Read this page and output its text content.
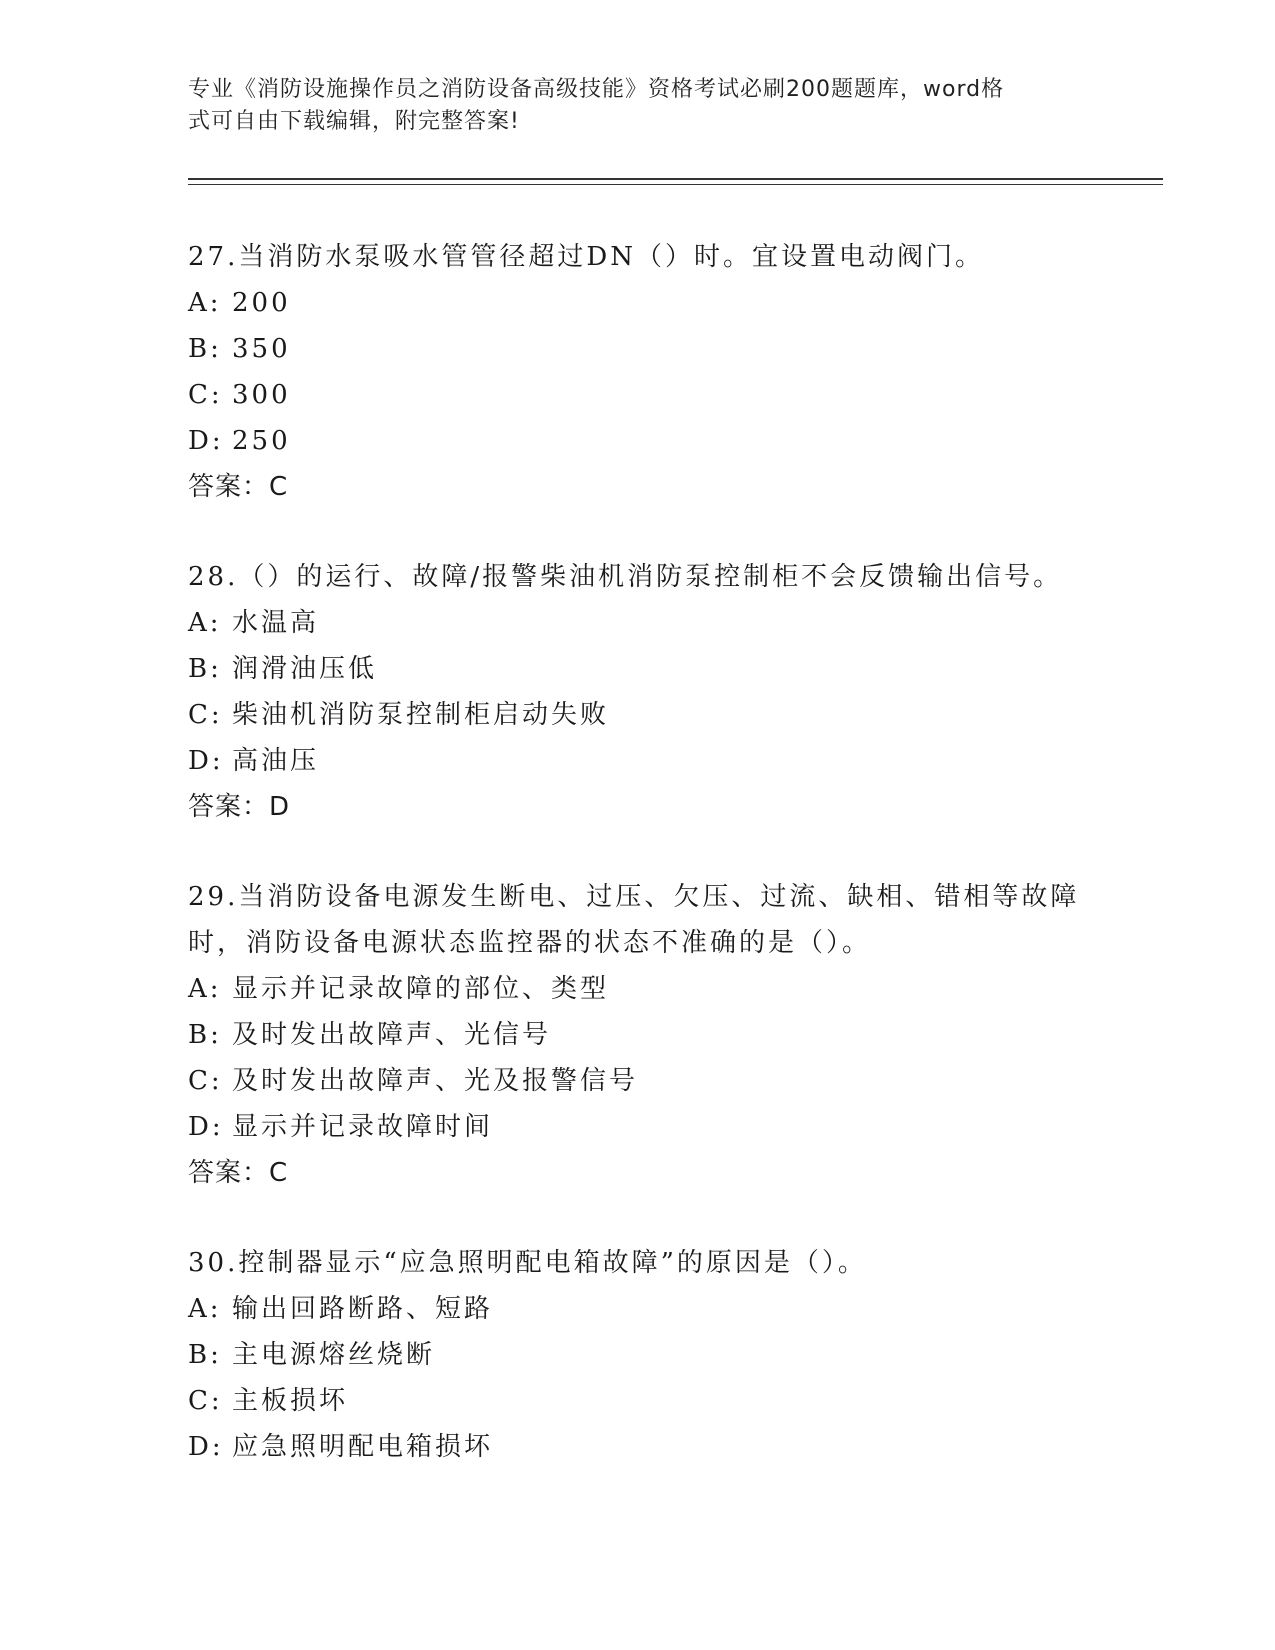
专业《消防设施操作员之消防设备高级技能》资格考试必刷200题题库，word格
式可自由下载编辑，附完整答案!
27.当消防水泵吸水管管径超过DN（）时。宜设置电动阀门。
A: 200
B: 350
C: 300
D: 250
答案：C
28.（）的运行、故障/报警柴油机消防泵控制柜不会反馈输出信号。
A: 水温高
B: 润滑油压低
C: 柴油机消防泵控制柜启动失败
D: 高油压
答案：D
29.当消防设备电源发生断电、过压、欠压、过流、缺相、错相等故障
时，消防设备电源状态监控器的状态不准确的是（）。
A: 显示并记录故障的部位、类型
B: 及时发出故障声、光信号
C: 及时发出故障声、光及报警信号
D: 显示并记录故障时间
答案：C
30.控制器显示“应急照明配电箱故障”的原因是（）。
A: 输出回路断路、短路
B: 主电源熔丝烧断
C: 主板损坏
D: 应急照明配电箱损坏
